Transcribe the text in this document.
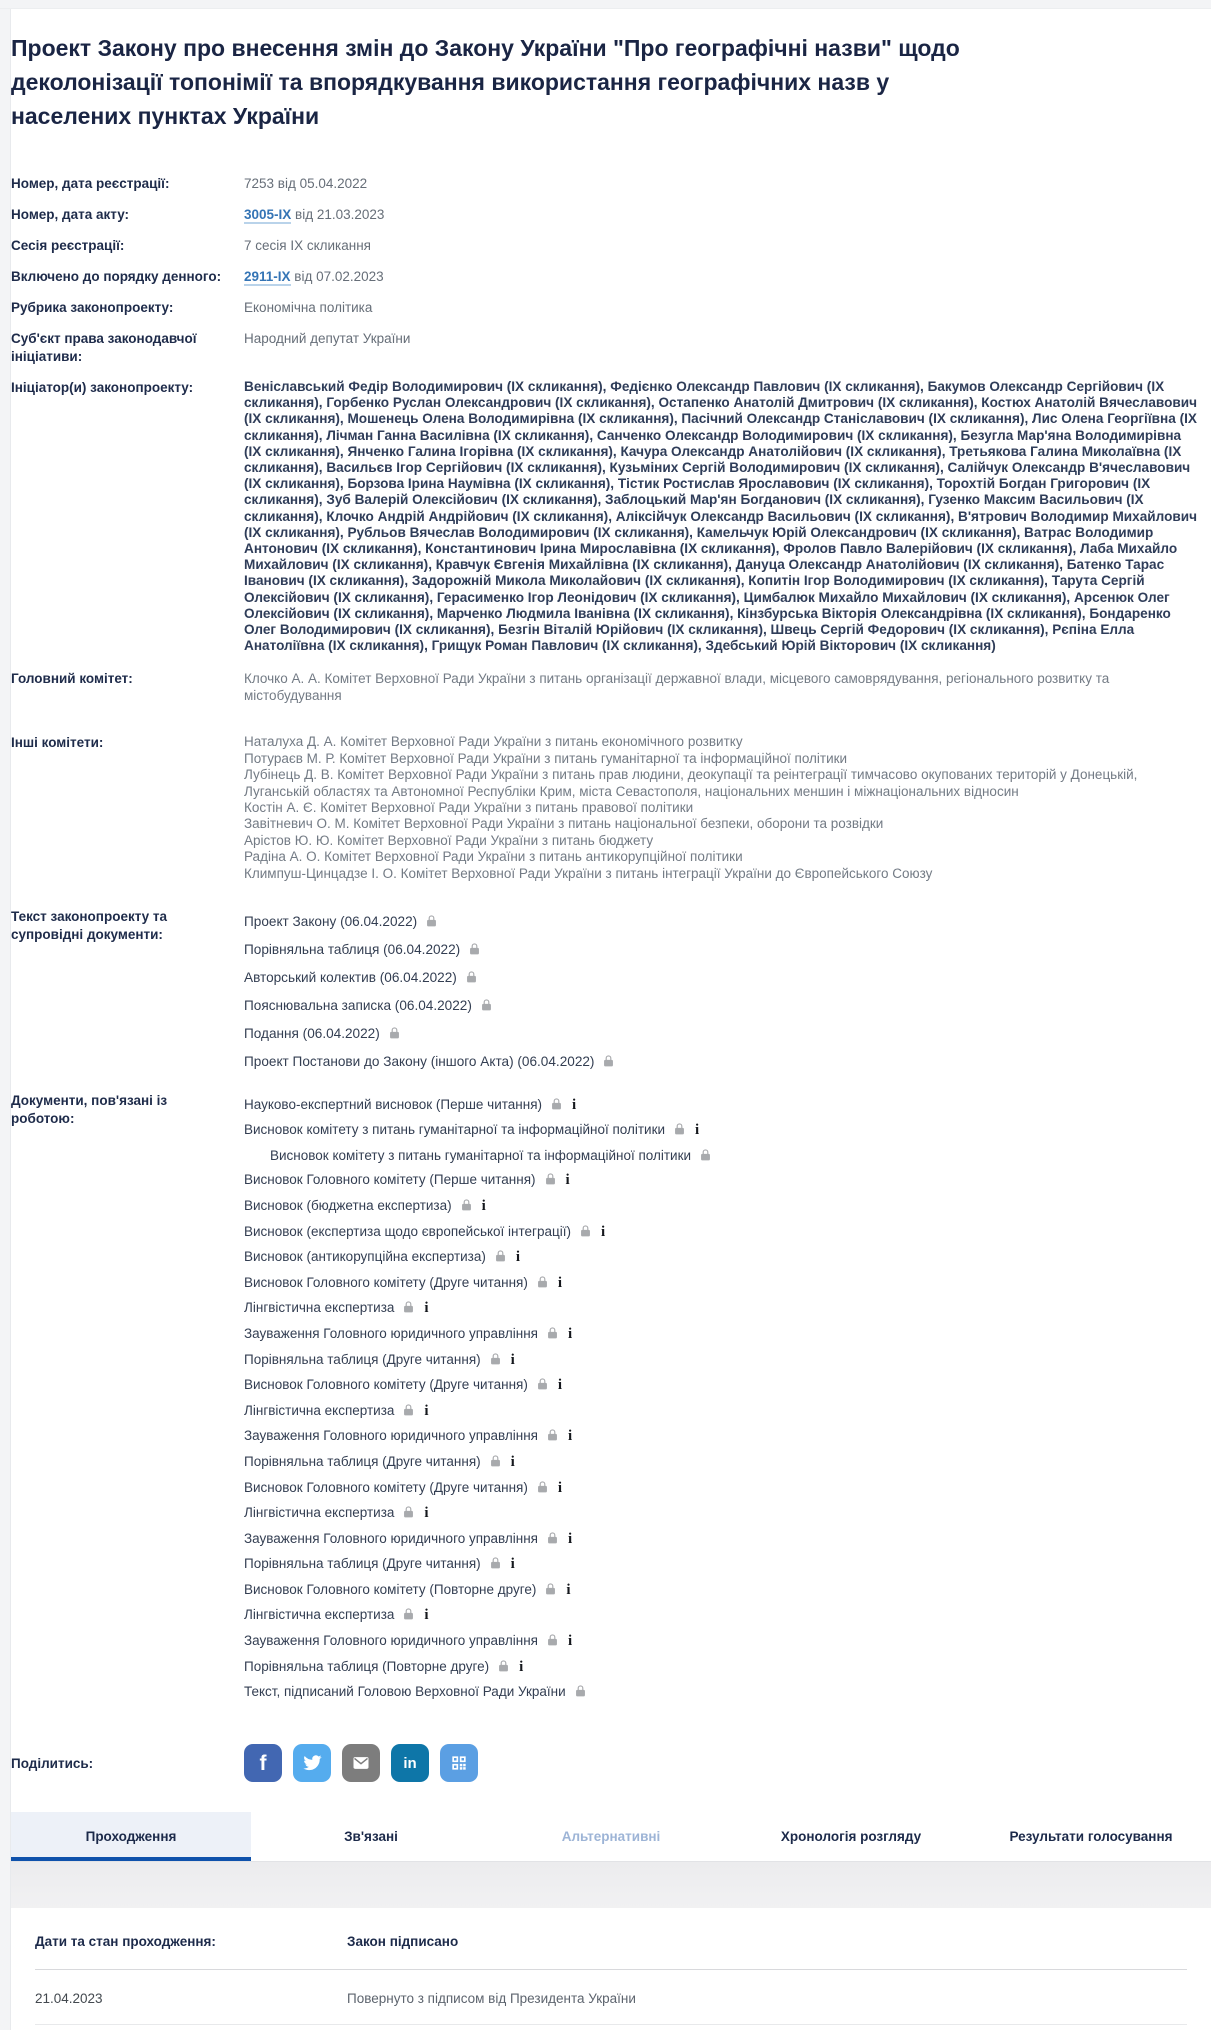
Проект Закону про внесення змін до Закону України "Про географічні назви" щодо деколонізації топонімії та впорядкування використання географічних назв у населених пунктах України
Номер, дата реєстрації:	7253 від 05.04.2022
Номер, дата акту:	3005-IX від 21.03.2023
Сесія реєстрації:	7 сесія IX скликання
Включено до порядку денного:	2911-IX від 07.02.2023
Рубрика законопроекту:	Економічна політика
Суб'єкт права законодавчої ініціативи:
Народний депутат України
Ініціатор(и) законопроекту:	Веніславський Федір Володимирович (ІХ скликання), Федієнко Олександр Павлович (ІХ скликання), Бакумов Олександр Сергійович (ІХ скликання), Горбенко Руслан Олександрович (ІХ скликання), Остапенко Анатолій Дмитрович (ІХ скликання), Костюх Анатолій Вячеславович (ІХ скликання), Мошенець Олена Володимирівна (ІХ скликання), Пасічний Олександр Станіславович (ІХ скликання), Лис Олена Георгіївна (ІХ скликання), Лічман Ганна Василівна (ІХ скликання), Санченко Олександр Володимирович (ІХ скликання), Безугла Мар'яна Володимирівна (ІХ скликання), Янченко Галина Ігорівна (ІХ скликання), Качура Олександр Анатолійович (ІХ скликання), Третьякова Галина Миколаївна (ІХ скликання), Васильєв Ігор Сергійович (ІХ скликання), Кузьміних Сергій Володимирович (ІХ скликання), Салійчук Олександр В'ячеславович (ІХ скликання), Борзова Ірина Наумівна (ІХ скликання), Тістик Ростислав Ярославович (ІХ скликання), Торохтій Богдан Григорович (ІХ скликання), Зуб Валерій Олексійович (ІХ скликання), Заблоцький Мар'ян Богданович (ІХ скликання), Гузенко Максим Васильович (ІХ скликання), Клочко Андрій Андрійович (ІХ скликання), Аліксійчук Олександр Васильович (ІХ скликання), В'ятрович Володимир Михайлович (ІХ скликання), Рубльов Вячеслав Володимирович (ІХ скликання), Камельчук Юрій Олександрович (ІХ скликання), Ватрас Володимир Антонович (ІХ скликання), Константинович Ірина Мирославівна (ІХ скликання), Фролов Павло Валерійович (ІХ скликання), Лаба Михайло Михайлович (ІХ скликання), Кравчук Євгенія Михайлівна (ІХ скликання), Дануца Олександр Анатолійович (ІХ скликання), Батенко Тарас Іванович (ІХ скликання), Задорожній Микола Миколайович (ІХ скликання), Копитін Ігор Володимирович (ІХ скликання), Тарута Сергій Олексійович (ІХ скликання), Герасименко Ігор Леонідович (ІХ скликання), Цимбалюк Михайло Михайлович (ІХ скликання), Арсенюк Олег Олексійович (ІХ скликання), Марченко Людмила Іванівна (ІХ скликання), Кінзбурська Вікторія Олександрівна (ІХ скликання), Бондаренко Олег Володимирович (ІХ скликання), Безгін Віталій Юрійович (ІХ скликання), Швець Сергій Федорович (ІХ скликання), Рєпіна Елла Анатоліївна (ІХ скликання), Грищук Роман Павлович (ІХ скликання), Здебський Юрій Вікторович (ІХ скликання)
Головний комітет:	Клочко А. А. Комітет Верховної Ради України з питань організації державної влади, місцевого самоврядування, регіонального розвитку та містобудування
Інші комітети:	Наталуха Д. А. Комітет Верховної Ради України з питань економічного розвитку
Потураєв М. Р. Комітет Верховної Ради України з питань гуманітарної та інформаційної політики
Лубінець Д. В. Комітет Верховної Ради України з питань прав людини, деокупації та реінтеграції тимчасово окупованих територій у Донецькій, Луганській областях та Автономної Республіки Крим, міста Севастополя, національних меншин і міжнаціональних відносин
Костін А. Є. Комітет Верховної Ради України з питань правової політики
Завітневич О. М. Комітет Верховної Ради України з питань національної безпеки, оборони та розвідки
Арістов Ю. Ю. Комітет Верховної Ради України з питань бюджету
Радіна А. О. Комітет Верховної Ради України з питань антикорупційної політики
Климпуш-Цинцадзе І. О. Комітет Верховної Ради України з питань інтеграції України до Європейського Союзу
Текст законопроекту та супровідні документи:
Проект Закону (06.04.2022)
Порівняльна таблиця (06.04.2022)
Авторський колектив (06.04.2022)
Пояснювальна записка (06.04.2022)
Подання (06.04.2022)
Проект Постанови до Закону (іншого Акта) (06.04.2022)
Документи, пов'язані із роботою:
Науково-експертний висновок (Перше читання) i
Висновок комітету з питань гуманітарної та інформаційної політики i
Висновок комітету з питань гуманітарної та інформаційної політики
Висновок Головного комітету (Перше читання) i
Висновок (бюджетна експертиза) i
Висновок (експертиза щодо європейської інтеграції) i
Висновок (антикорупційна експертиза) i
Висновок Головного комітету (Друге читання) i
Лінгвістична експертиза i
Зауваження Головного юридичного управління i
Порівняльна таблиця (Друге читання) i
Висновок Головного комітету (Друге читання) i
Лінгвістична експертиза i
Зауваження Головного юридичного управління i
Порівняльна таблиця (Друге читання) i
Висновок Головного комітету (Друге читання) i
Лінгвістична експертиза i
Зауваження Головного юридичного управління i
Порівняльна таблиця (Друге читання) i
Висновок Головного комітету (Повторне друге) i
Лінгвістична експертиза i
Зауваження Головного юридичного управління i
Порівняльна таблиця (Повторне друге) i
Текст, підписаний Головою Верховної Ради України
Поділитись:	f	in
Проходження	Зв'язані	Альтернативні	Хронологія розгляду	Результати голосування
Дати та стан проходження:	Закон підписано
21.04.2023	Повернуто з підписом від Президента України
